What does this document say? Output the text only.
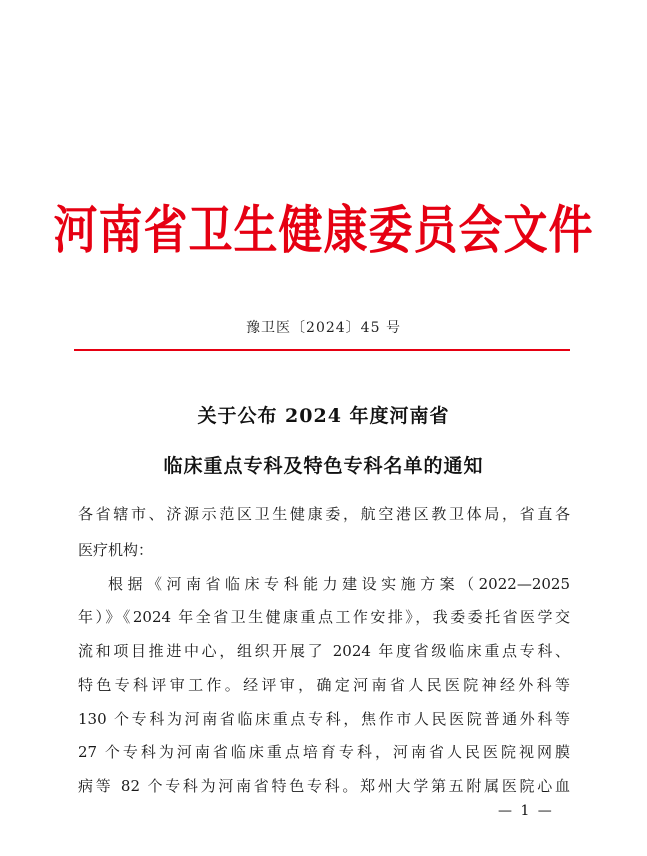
河南省卫生健康委员会文件
豫卫医〔2024〕45 号
关于公布 2024 年度河南省
临床重点专科及特色专科名单的通知
各省辖市、济源示范区卫生健康委，航空港区教卫体局，省直各
医疗机构：
根据《河南省临床专科能力建设实施方案（2022—2025
年）》《2024 年全省卫生健康重点工作安排》，我委委托省医学交
流和项目推进中心，组织开展了 2024 年度省级临床重点专科、
特色专科评审工作。经评审，确定河南省人民医院神经外科等
130 个专科为河南省临床重点专科，焦作市人民医院普通外科等
27 个专科为河南省临床重点培育专科，河南省人民医院视网膜
病等 82 个专科为河南省特色专科。郑州大学第五附属医院心血
— 1 —
